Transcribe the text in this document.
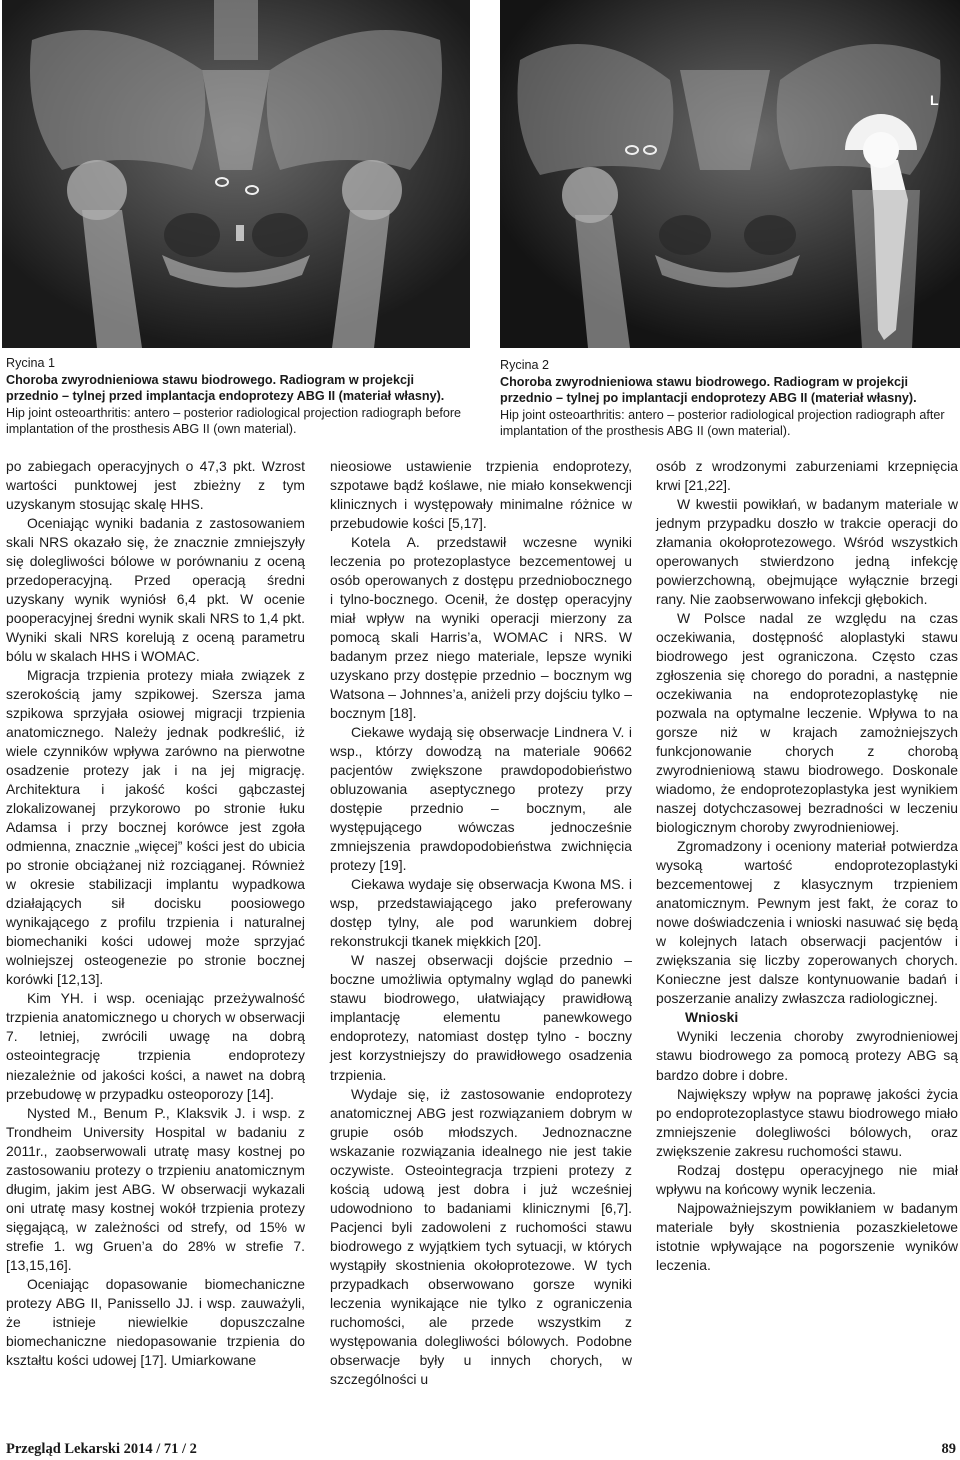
L
Rycina 1
Choroba zwyrodnieniowa stawu biodrowego. Radiogram w projekcji przednio – tylnej przed implantacja endoprotezy ABG II (materiał własny).
Hip joint osteoarthritis: antero – posterior radiological projection radiograph before implantation of the prosthesis ABG II (own material).
Rycina 2
Choroba zwyrodnieniowa stawu biodrowego. Radiogram w projekcji przednio – tylnej po implantacji endoprotezy ABG II (materiał własny).
Hip joint osteoarthritis: antero – posterior radiological projection radiograph after implantation of the prosthesis ABG II (own material).

po zabiegach operacyjnych o 47,3 pkt. Wzrost wartości punktowej jest zbieżny z tym uzyskanym stosując skalę HHS.

Oceniając wyniki badania z zastosowaniem skali NRS okazało się, że znacznie zmniejszyły się dolegliwości bólowe w porównaniu z oceną przedoperacyjną. Przed operacją średni uzyskany wynik wyniósł 6,4 pkt. W ocenie pooperacyjnej średni wynik skali NRS to 1,4 pkt. Wyniki skali NRS korelują z oceną parametru bólu w skalach HHS i WOMAC.

Migracja trzpienia protezy miała związek z szerokością jamy szpikowej. Szersza jama szpikowa sprzyjała osiowej migracji trzpienia anatomicznego. Należy jednak podkreślić, iż wiele czynników wpływa zarówno na pierwotne osadzenie protezy jak i na jej migrację. Architektura i jakość kości gąbczastej zlokalizowanej przykorowo po stronie łuku Adamsa i przy bocznej korówce jest zgoła odmienna, znacznie „więcej” kości jest do ubicia po stronie obciążanej niż rozciąganej. Również w okresie stabilizacji implantu wypadkowa działających sił docisku poosiowego wynikającego z profilu trzpienia i naturalnej biomechaniki kości udowej może sprzyjać wolniejszej osteogenezie po stronie bocznej korówki [12,13].

Kim YH. i wsp. oceniając przeżywalność trzpienia anatomicznego u chorych w obserwacji 7. letniej, zwrócili uwagę na dobrą osteointegrację trzpienia endoprotezy niezależnie od jakości kości, a nawet na dobrą przebudowę w przypadku osteoporozy [14].

Nysted M., Benum P., Klaksvik J. i wsp. z Trondheim University Hospital w badaniu z 2011r., zaobserwowali utratę masy kostnej po zastosowaniu protezy o trzpieniu anatomicznym długim, jakim jest ABG. W obserwacji wykazali oni utratę masy kostnej wokół trzpienia protezy sięgającą, w zależności od strefy, od 15% w strefie 1. wg Gruen’a do 28% w strefie 7. [13,15,16].

Oceniając dopasowanie biomechaniczne protezy ABG II, Panissello JJ. i wsp. zauważyli, że istnieje niewielkie dopuszczalne biomechaniczne niedopasowanie trzpienia do kształtu kości udowej [17]. Umiarkowane

nieosiowe ustawienie trzpienia endoprotezy, szpotawe bądź koślawe, nie miało konsekwencji klinicznych i występowały minimalne różnice w przebudowie kości [5,17].

Kotela A. przedstawił wczesne wyniki leczenia po protezoplastyce bezcementowej u osób operowanych z dostępu przedniobocznego i tylno-bocznego. Ocenił, że dostęp operacyjny miał wpływ na wyniki operacji mierzony za pomocą skali Harris’a, WOMAC i NRS. W badanym przez niego materiale, lepsze wyniki uzyskano przy dostępie przednio – bocznym wg Watsona – Johnnes’a, aniżeli przy dojściu tylko – bocznym [18].

Ciekawe wydają się obserwacje Lindnera V. i wsp., którzy dowodzą na materiale 90662 pacjentów zwiększone prawdopodobieństwo obluzowania aseptycznego protezy przy dostępie przednio – bocznym, ale występującego wówczas jednocześnie zmniejszenia prawdopodobieństwa zwichnięcia protezy [19].

Ciekawa wydaje się obserwacja Kwona MS. i wsp, przedstawiającego jako preferowany dostęp tylny, ale pod warunkiem dobrej rekonstrukcji tkanek miękkich [20].

W naszej obserwacji dojście przednio – boczne umożliwia optymalny wgląd do panewki stawu biodrowego, ułatwiający prawidłową implantację elementu panewkowego endoprotezy, natomiast dostęp tylno - boczny jest korzystniejszy do prawidłowego osadzenia trzpienia.

Wydaje się, iż zastosowanie endoprotezy anatomicznej ABG jest rozwiązaniem dobrym w grupie osób młodszych. Jednoznaczne wskazanie rozwiązania idealnego nie jest takie oczywiste. Osteointegracja trzpieni protezy z kością udową jest dobra i już wcześniej udowodniono to badaniami klinicznymi [6,7]. Pacjenci byli zadowoleni z ruchomości stawu biodrowego z wyjątkiem tych sytuacji, w których wystąpiły skostnienia okołoprotezowe. W tych przypadkach obserwowano gorsze wyniki leczenia wynikające nie tylko z ograniczenia ruchomości, ale przede wszystkim z występowania dolegliwości bólowych. Podobne obserwacje były u innych chorych, w szczególności u

osób z wrodzonymi zaburzeniami krzepnięcia krwi [21,22].

W kwestii powikłań, w badanym materiale w jednym przypadku doszło w trakcie operacji do złamania okołoprotezowego. Wśród wszystkich operowanych stwierdzono jedną infekcję powierzchowną, obejmujące wyłącznie brzegi rany. Nie zaobserwowano infekcji głębokich.

W Polsce nadal ze względu na czas oczekiwania, dostępność aloplastyki stawu biodrowego jest ograniczona. Często czas zgłoszenia się chorego do poradni, a następnie oczekiwania na endoprotezoplastykę nie pozwala na optymalne leczenie. Wpływa to na gorsze niż w krajach zamożniejszych funkcjonowanie chorych z chorobą zwyrodnieniową stawu biodrowego. Doskonale wiadomo, że endoprotezoplastyka jest wynikiem naszej dotychczasowej bezradności w leczeniu biologicznym choroby zwyrodnieniowej.

Zgromadzony i oceniony materiał potwierdza wysoką wartość endoprotezoplastyki bezcementowej z klasycznym trzpieniem anatomicznym. Pewnym jest fakt, że coraz to nowe doświadczenia i wnioski nasuwać się będą w kolejnych latach obserwacji pacjentów i zwiększania się liczby zoperowanych chorych. Konieczne jest dalsze kontynuowanie badań i poszerzanie analizy zwłaszcza radiologicznej.

Wnioski

Wyniki leczenia choroby zwyrodnieniowej stawu biodrowego za pomocą protezy ABG są bardzo dobre i dobre.

Największy wpływ na poprawę jakości życia po endoprotezoplastyce stawu biodrowego miało zmniejszenie dolegliwości bólowych, oraz zwiększenie zakresu ruchomości stawu.

Rodzaj dostępu operacyjnego nie miał wpływu na końcowy wynik leczenia.

Najpoważniejszym powikłaniem w badanym materiale były skostnienia pozaszkieletowe istotnie wpływające na pogorszenie wyników leczenia.

Przegląd Lekarski 2014 / 71 / 2	89
